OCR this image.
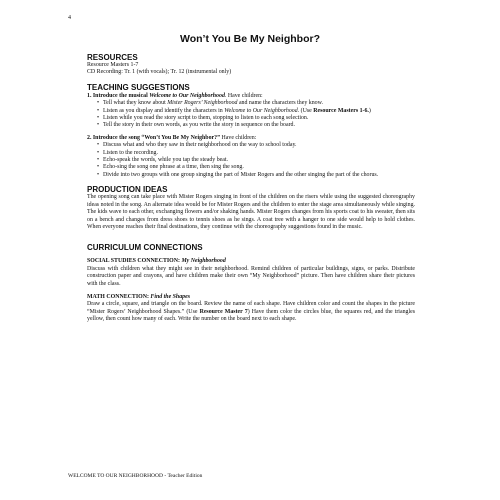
4
Won’t You Be My Neighbor?
RESOURCES

Resource Masters 1-7

CD Recording: Tr. 1 (with vocals); Tr. 12 (instrumental only)

TEACHING SUGGESTIONS

1. Introduce the musical Welcome to Our Neighborhood. Have children:

• Tell what they know about Mister Rogers’ Neighborhood and name the characters they know.
• Listen as you display and identify the characters in Welcome to Our Neighborhood. (Use Resource Masters 1-6.)
• Listen while you read the story script to them, stopping to listen to each song selection.
• Tell the story in their own words, as you write the story in sequence on the board.

2. Introduce the song “Won’t You Be My Neighbor?” Have children:

• Discuss what and who they saw in their neighborhood on the way to school today.
• Listen to the recording.
• Echo-speak the words, while you tap the steady beat.
• Echo-sing the song one phrase at a time, then sing the song.
• Divide into two groups with one group singing the part of Mister Rogers and the other singing the part of the chorus.
PRODUCTION IDEAS

The opening song can take place with Mister Rogers singing in front of the children on the risers while using the suggested choreography ideas noted in the song. An alternate idea would be for Mister Rogers and the children to enter the stage area simultaneously while singing. The kids wave to each other, exchanging flowers and/or shaking hands. Mister Rogers changes from his sports coat to his sweater, then sits on a bench and changes from dress shoes to tennis shoes as he sings. A coat tree with a hanger to one side would help to hold clothes. When everyone reaches their final destinations, they continue with the choreography suggestions found in the music.

CURRICULUM CONNECTIONS

SOCIAL STUDIES CONNECTION: My Neighborhood

Discuss with children what they might see in their neighborhood. Remind children of particular buildings, signs, or parks. Distribute construction paper and crayons, and have children make their own “My Neighborhood” picture. Then have children share their pictures with the class.

MATH CONNECTION: Find the Shapes

Draw a circle, square, and triangle on the board. Review the name of each shape. Have children color and count the shapes in the picture “Mister Rogers’ Neighborhood Shapes.” (Use Resource Master 7) Have them color the circles blue, the squares red, and the triangles yellow, then count how many of each. Write the number on the board next to each shape.

WELCOME TO OUR NEIGHBORHOOD - Teacher Edition
